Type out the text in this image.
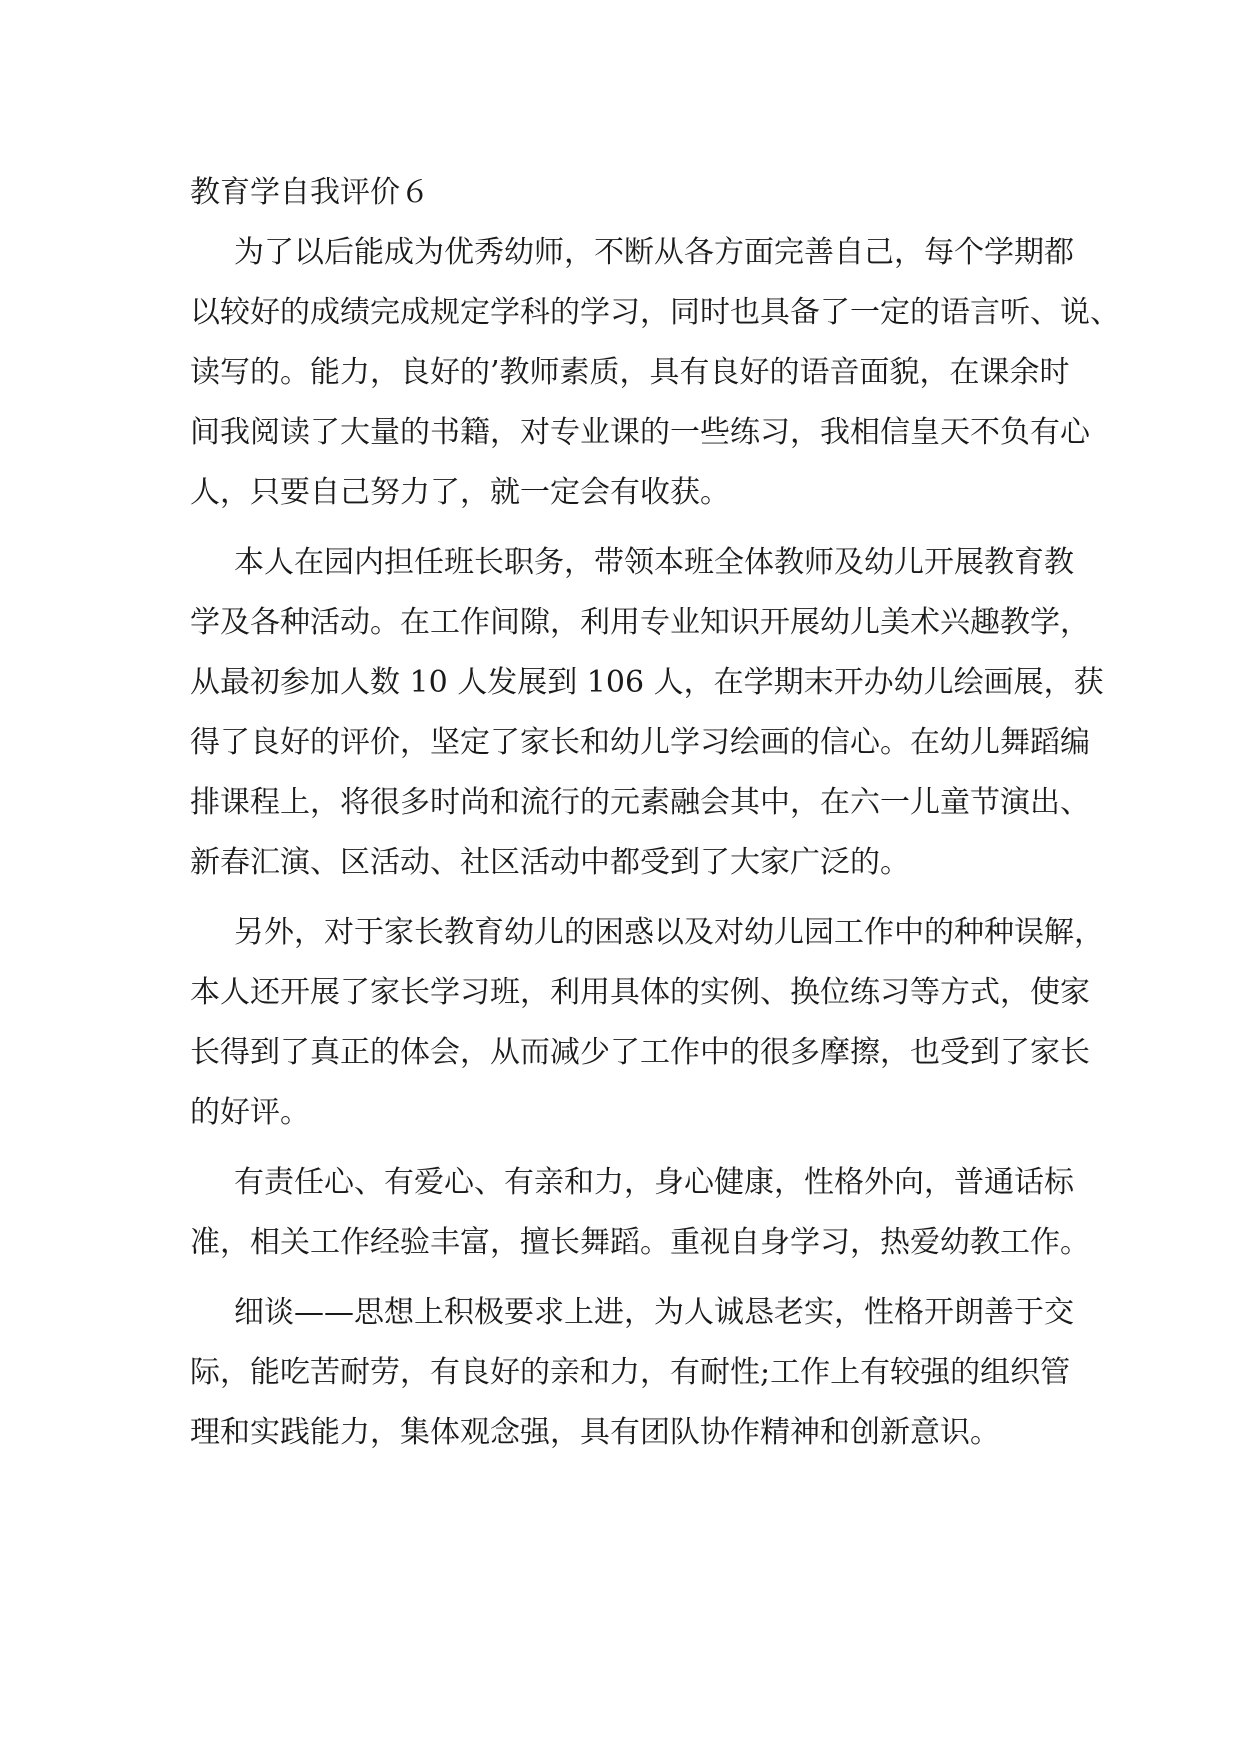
教育学自我评价６
为了以后能成为优秀幼师，不断从各方面完善自己，每个学期都
以较好的成绩完成规定学科的学习，同时也具备了一定的语言听、说、
读写的。能力，良好的’教师素质，具有良好的语音面貌，在课余时
间我阅读了大量的书籍，对专业课的一些练习，我相信皇天不负有心
人，只要自己努力了，就一定会有收获。
本人在园内担任班长职务，带领本班全体教师及幼儿开展教育教
学及各种活动。在工作间隙，利用专业知识开展幼儿美术兴趣教学，
从最初参加人数 10 人发展到 106 人，在学期末开办幼儿绘画展，获
得了良好的评价，坚定了家长和幼儿学习绘画的信心。在幼儿舞蹈编
排课程上，将很多时尚和流行的元素融会其中，在六一儿童节演出、
新春汇演、区活动、社区活动中都受到了大家广泛的。
另外，对于家长教育幼儿的困惑以及对幼儿园工作中的种种误解，
本人还开展了家长学习班，利用具体的实例、换位练习等方式，使家
长得到了真正的体会，从而减少了工作中的很多摩擦，也受到了家长
的好评。
有责任心、有爱心、有亲和力，身心健康，性格外向，普通话标
准，相关工作经验丰富，擅长舞蹈。重视自身学习，热爱幼教工作。
细谈——思想上积极要求上进，为人诚恳老实，性格开朗善于交
际，能吃苦耐劳，有良好的亲和力，有耐性;工作上有较强的组织管
理和实践能力，集体观念强，具有团队协作精神和创新意识。
